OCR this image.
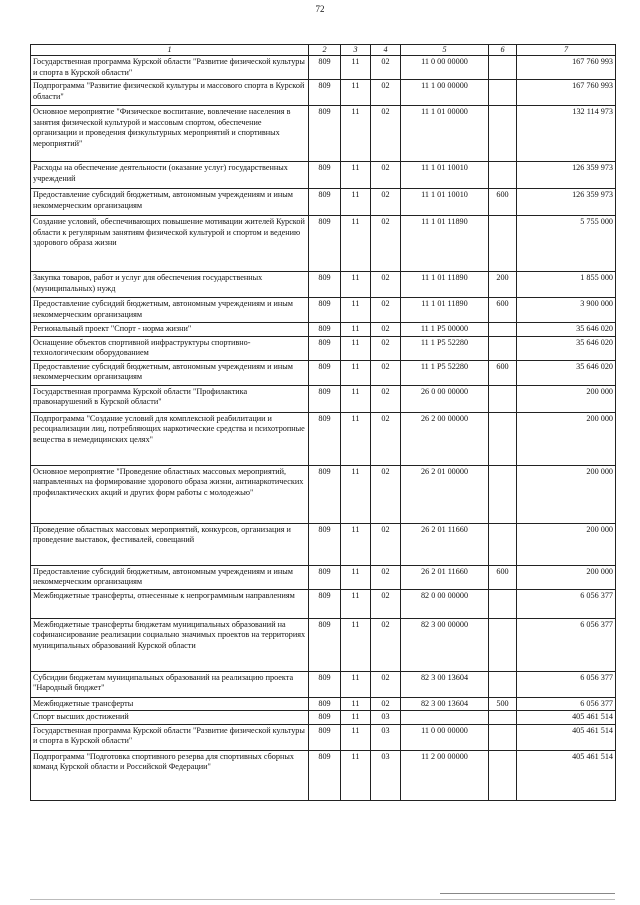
72
1	2	3	4	5	6	7
Государственная программа Курской области "Развитие физической культуры и спорта в Курской области"	809	11	02	11 0 00 00000		167 760 993
Подпрограмма "Развитие физической культуры и массового спорта в Курской области"	809	11	02	11 1 00 00000		167 760 993
Основное мероприятие "Физическое воспитание, вовлечение населения в занятия физической культурой и массовым спортом, обеспечение организации и проведения физкультурных мероприятий и спортивных мероприятий"	809	11	02	11 1 01 00000		132 114 973
Расходы на обеспечение деятельности (оказание услуг) государственных учреждений	809	11	02	11 1 01 10010		126 359 973
Предоставление субсидий бюджетным, автономным учреждениям и иным некоммерческим организациям	809	11	02	11 1 01 10010	600	126 359 973
Создание условий, обеспечивающих повышение мотивации жителей Курской области к регулярным занятиям физической культурой и спортом и ведению здорового образа жизни	809	11	02	11 1 01 11890		5 755 000
Закупка товаров, работ и услуг для обеспечения государственных (муниципальных) нужд	809	11	02	11 1 01 11890	200	1 855 000
Предоставление субсидий бюджетным, автономным учреждениям и иным некоммерческим организациям	809	11	02	11 1 01 11890	600	3 900 000
Региональный проект "Спорт - норма жизни"	809	11	02	11 1 P5 00000		35 646 020
Оснащение объектов спортивной инфраструктуры спортивно-технологическим оборудованием	809	11	02	11 1 P5 52280		35 646 020
Предоставление субсидий бюджетным, автономным учреждениям и иным некоммерческим организациям	809	11	02	11 1 P5 52280	600	35 646 020
Государственная программа Курской области "Профилактика правонарушений в Курской области"	809	11	02	26 0 00 00000		200 000
Подпрограмма "Создание условий для комплексной реабилитации и ресоциализации лиц, потребляющих наркотические средства и психотропные вещества в немедицинских целях"	809	11	02	26 2 00 00000		200 000
Основное мероприятие "Проведение областных массовых мероприятий, направленных на формирование здорового образа жизни, антинаркотических профилактических акций и других форм работы с молодежью"	809	11	02	26 2 01 00000		200 000
Проведение областных массовых мероприятий, конкурсов, организация и проведение выставок, фестивалей, совещаний	809	11	02	26 2 01 11660		200 000
Предоставление субсидий бюджетным, автономным учреждениям и иным некоммерческим организациям	809	11	02	26 2 01 11660	600	200 000
Межбюджетные трансферты, отнесенные к непрограммным направлениям	809	11	02	82 0 00 00000		6 056 377
Межбюджетные трансферты бюджетам муниципальных образований на софинансирование реализации социально значимых проектов на территориях муниципальных образований Курской области	809	11	02	82 3 00 00000		6 056 377
Субсидии бюджетам муниципальных образований на реализацию проекта "Народный бюджет"	809	11	02	82 3 00 13604		6 056 377
Межбюджетные трансферты	809	11	02	82 3 00 13604	500	6 056 377
Спорт высших достижений	809	11	03			405 461 514
Государственная программа Курской области "Развитие физической культуры и спорта в Курской области"	809	11	03	11 0 00 00000		405 461 514
Подпрограмма "Подготовка спортивного резерва для спортивных сборных команд Курской области и Российской Федерации"	809	11	03	11 2 00 00000		405 461 514
